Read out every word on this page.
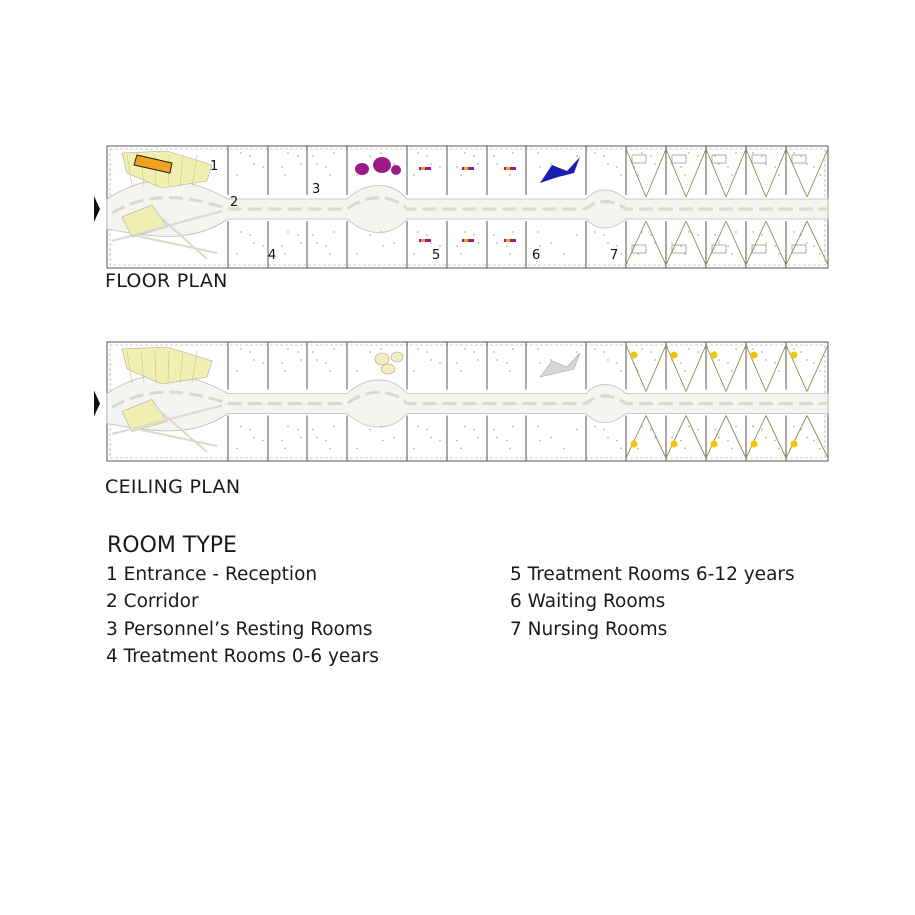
1
2
3
4	5	6	7
FLOOR PLAN
CEILING PLAN
ROOM TYPE
1 Entrance - Reception
2 Corridor
3 Personnel’s Resting Rooms
4 Treatment Rooms 0-6 years
5 Treatment Rooms 6-12 years
6 Waiting Rooms
7 Nursing Rooms
